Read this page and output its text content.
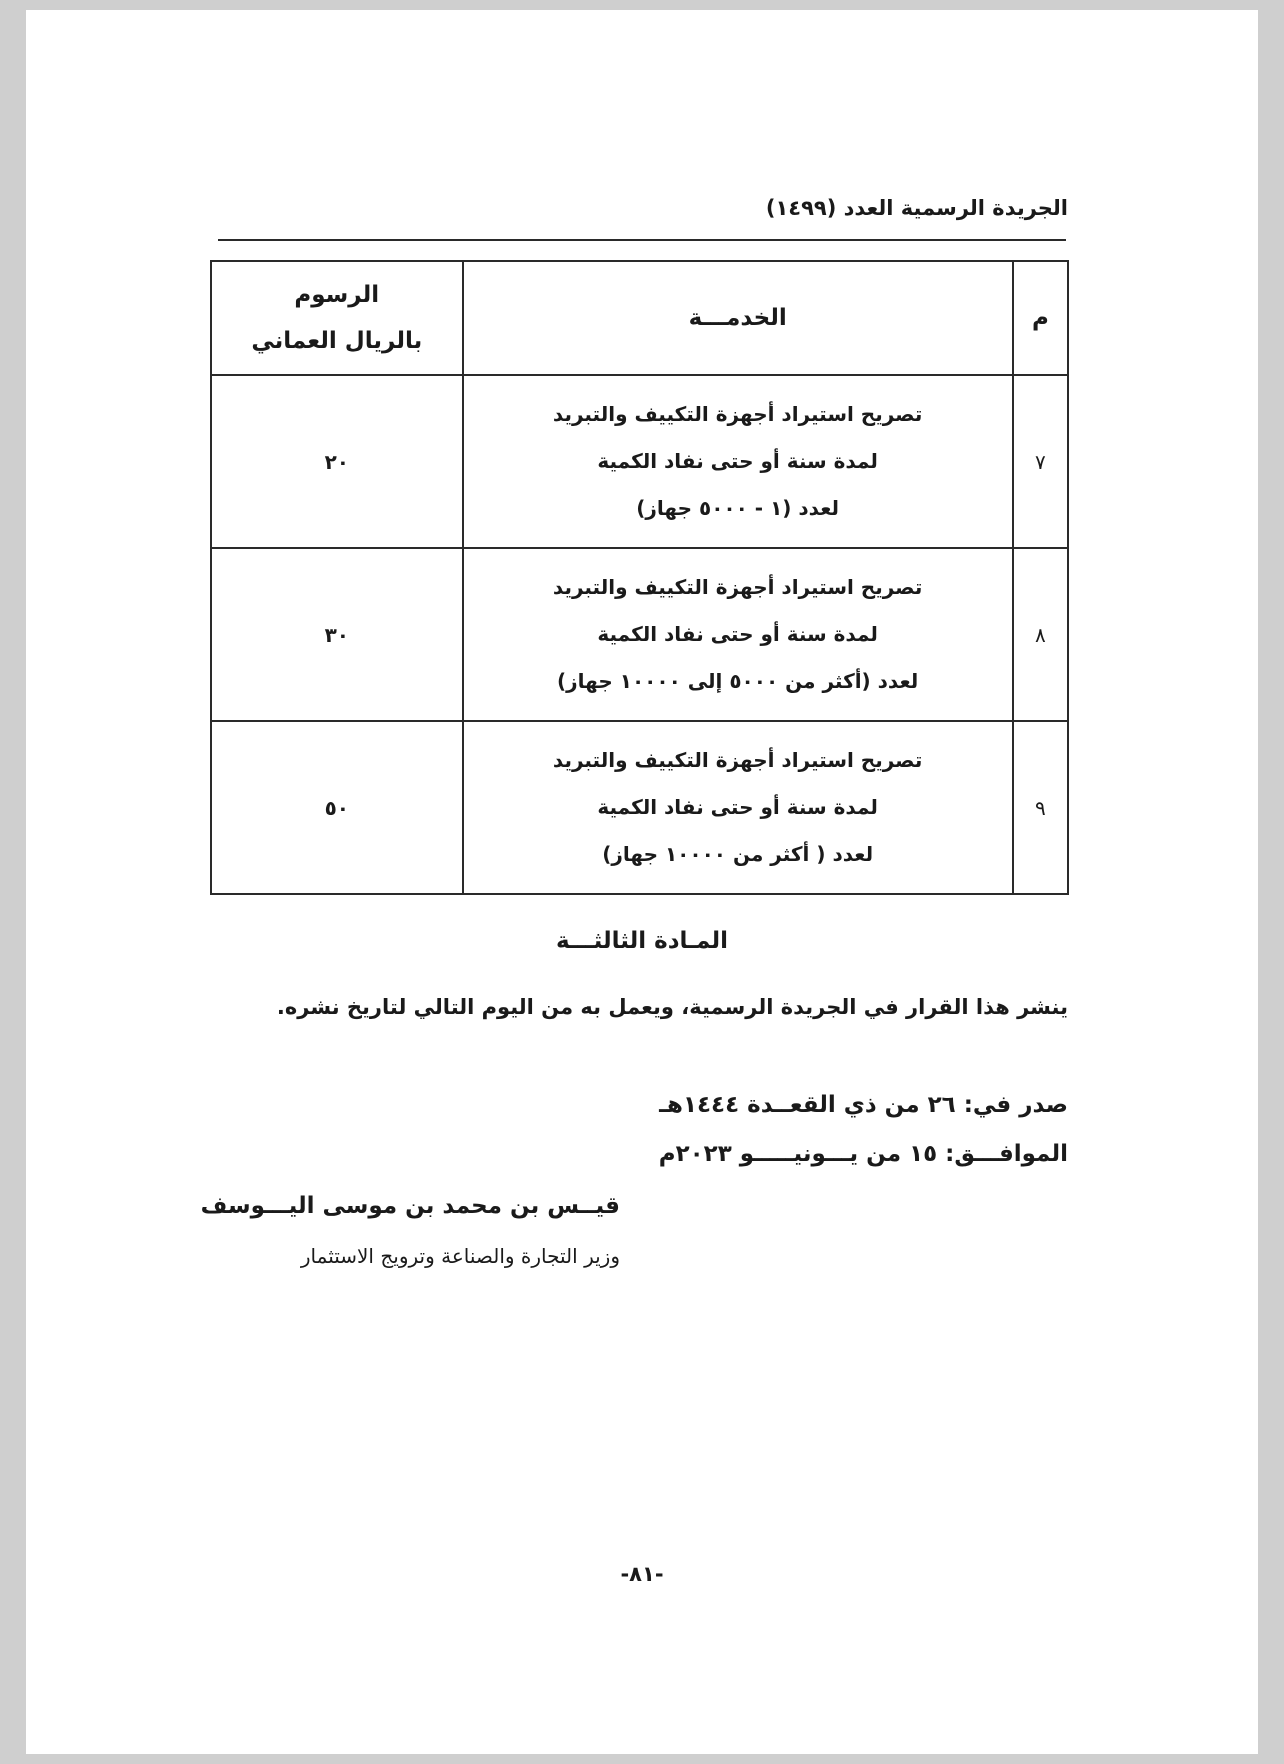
الجريدة الرسمية العدد (١٤٩٩)
م	الخدمـــة	الرسوم
بالريال العماني

٧	تصريح استيراد أجهزة التكييف والتبريد
لمدة سنة أو حتى نفاد الكمية
لعدد (١ - ٥٠٠٠ جهاز)	٢٠
٨	تصريح استيراد أجهزة التكييف والتبريد
لمدة سنة أو حتى نفاد الكمية
لعدد (أكثر من ٥٠٠٠ إلى ١٠٠٠٠ جهاز)	٣٠
٩	تصريح استيراد أجهزة التكييف والتبريد
لمدة سنة أو حتى نفاد الكمية
لعدد ( أكثر من ١٠٠٠٠ جهاز)	٥٠
المـادة الثالثـــة
ينشر هذا القرار في الجريدة الرسمية، ويعمل به من اليوم التالي لتاريخ نشره.
صدر في: ٢٦ من ذي القعــدة ١٤٤٤هـ
الموافـــق: ١٥ من يـــونيـــــو ٢٠٢٣م
قيــس بن محمد بن موسى اليـــوسف
وزير التجارة والصناعة وترويج الاستثمار
-٨١-
